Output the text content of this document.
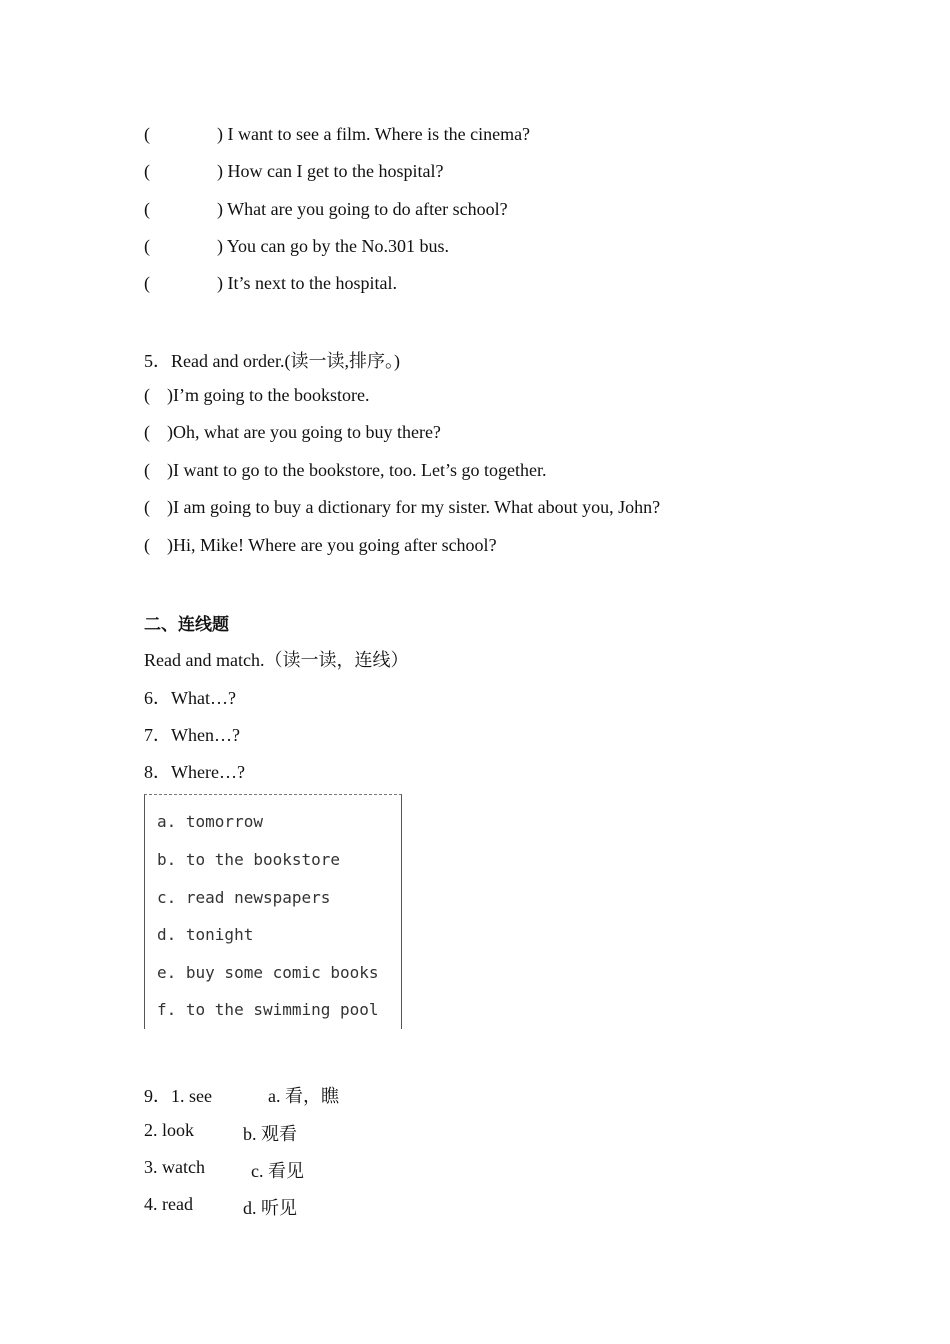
(	) I want to see a film. Where is the cinema?
(	) How can I get to the hospital?
(	) What are you going to do after school?
(	) You can go by the No.301 bus.
(	) It’s next to the hospital.
5．Read and order.(读一读,排序。)
( )I’m going to the bookstore.
( )Oh, what are you going to buy there?
( )I want to go to the bookstore, too. Let’s go together.
( )I am going to buy a dictionary for my sister. What about you, John?
( )Hi, Mike! Where are you going after school?
二、连线题
Read and match.（读一读，连线）
6．What…?
7．When…?
8．Where…?
a. tomorrow
b. to the bookstore
c. read newspapers
d. tonight
e. buy some comic books
f. to the swimming pool
9．1. see	a. 看，瞧
2. look	b. 观看
3. watch	c. 看见
4. read	d. 听见
